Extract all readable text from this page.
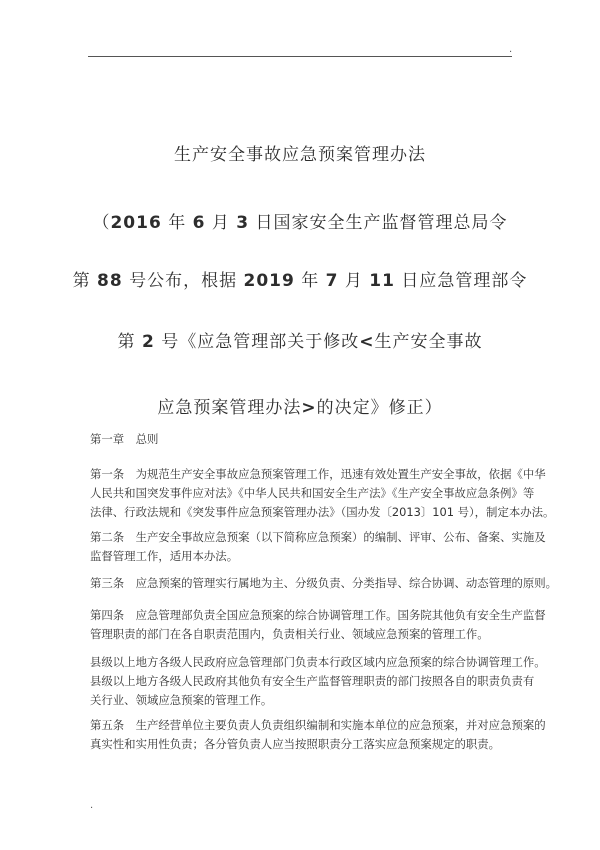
.
生产安全事故应急预案管理办法
（2016 年 6 月 3 日国家安全生产监督管理总局令
第 88 号公布，根据 2019 年 7 月 11 日应急管理部令
第 2 号《应急管理部关于修改<生产安全事故
应急预案管理办法>的决定》修正）
第一章　总则
第一条　为规范生产安全事故应急预案管理工作，迅速有效处置生产安全事故，依据《中华
人民共和国突发事件应对法》《中华人民共和国安全生产法》《生产安全事故应急条例》等
法律、行政法规和《突发事件应急预案管理办法》（国办发〔2013〕101 号），制定本办法。
第二条　生产安全事故应急预案（以下简称应急预案）的编制、评审、公布、备案、实施及
监督管理工作，适用本办法。
第三条　应急预案的管理实行属地为主、分级负责、分类指导、综合协调、动态管理的原则。
第四条　应急管理部负责全国应急预案的综合协调管理工作。国务院其他负有安全生产监督
管理职责的部门在各自职责范围内，负责相关行业、领域应急预案的管理工作。
县级以上地方各级人民政府应急管理部门负责本行政区域内应急预案的综合协调管理工作。
县级以上地方各级人民政府其他负有安全生产监督管理职责的部门按照各自的职责负责有
关行业、领域应急预案的管理工作。
第五条　生产经营单位主要负责人负责组织编制和实施本单位的应急预案，并对应急预案的
真实性和实用性负责；各分管负责人应当按照职责分工落实应急预案规定的职责。
.
